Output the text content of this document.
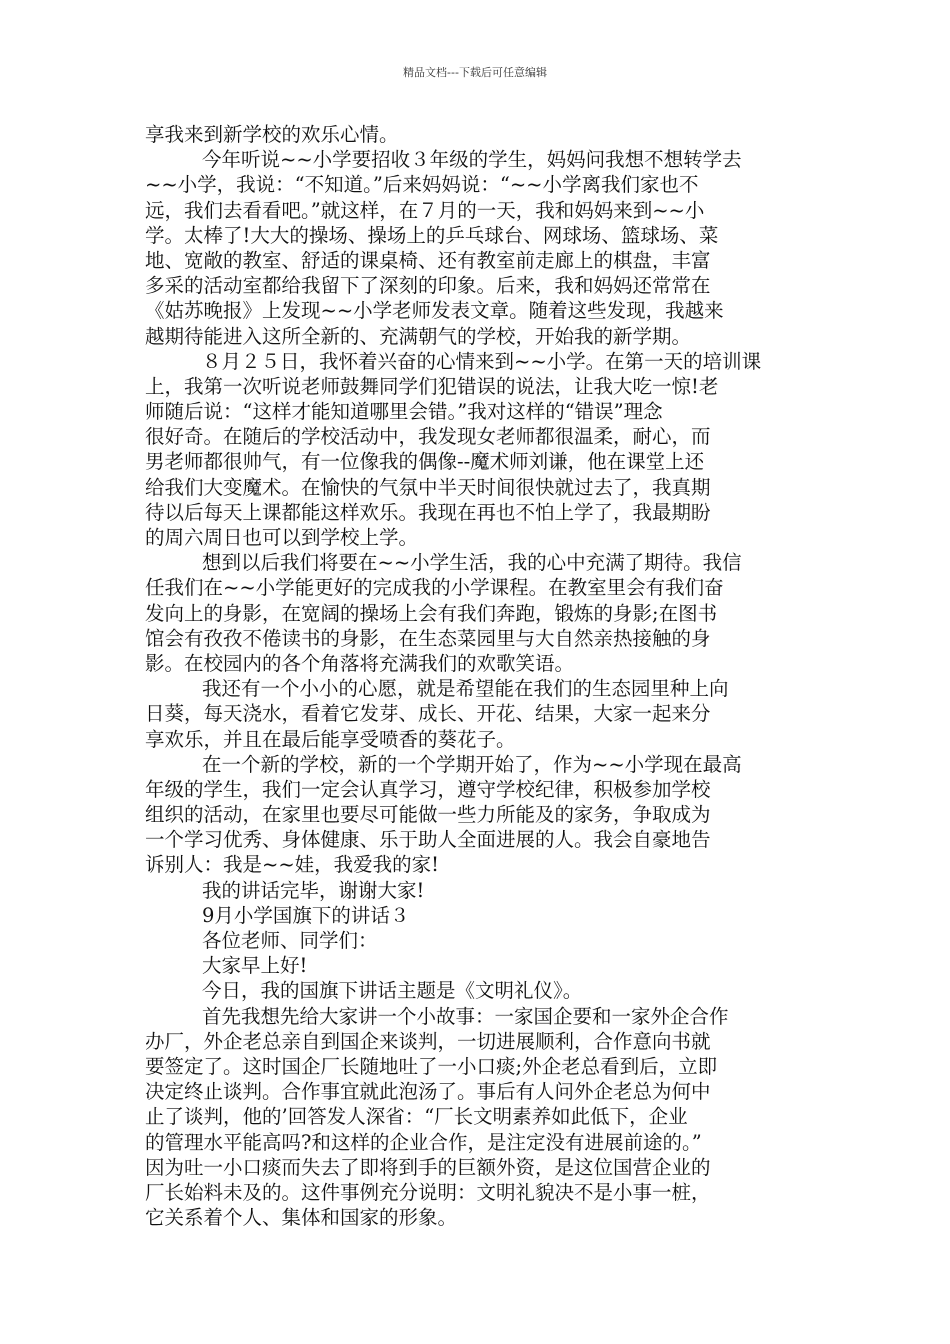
精品文档---下载后可任意编辑
享我来到新学校的欢乐心情。
今年听说~~小学要招收３年级的学生，妈妈问我想不想转学去
~~小学，我说：“不知道。”后来妈妈说：“~~小学离我们家也不
远，我们去看看吧。”就这样，在７月的一天，我和妈妈来到~~小
学。太棒了!大大的操场、操场上的乒乓球台、网球场、篮球场、菜
地、宽敞的教室、舒适的课桌椅、还有教室前走廊上的棋盘，丰富
多采的活动室都给我留下了深刻的印象。后来，我和妈妈还常常在
《姑苏晚报》上发现~~小学老师发表文章。随着这些发现，我越来
越期待能进入这所全新的、充满朝气的学校，开始我的新学期。
８月２５日，我怀着兴奋的心情来到~~小学。在第一天的培训课
上，我第一次听说老师鼓舞同学们犯错误的说法，让我大吃一惊!老
师随后说：“这样才能知道哪里会错。”我对这样的“错误”理念
很好奇。在随后的学校活动中，我发现女老师都很温柔，耐心，而
男老师都很帅气，有一位像我的偶像--魔术师刘谦，他在课堂上还
给我们大变魔术。在愉快的气氛中半天时间很快就过去了，我真期
待以后每天上课都能这样欢乐。我现在再也不怕上学了，我最期盼
的周六周日也可以到学校上学。
想到以后我们将要在~~小学生活，我的心中充满了期待。我信
任我们在~~小学能更好的完成我的小学课程。在教室里会有我们奋
发向上的身影，在宽阔的操场上会有我们奔跑，锻炼的身影;在图书
馆会有孜孜不倦读书的身影，在生态菜园里与大自然亲热接触的身
影。在校园内的各个角落将充满我们的欢歌笑语。
我还有一个小小的心愿，就是希望能在我们的生态园里种上向
日葵，每天浇水，看着它发芽、成长、开花、结果，大家一起来分
享欢乐，并且在最后能享受喷香的葵花子。
在一个新的学校，新的一个学期开始了，作为~~小学现在最高
年级的学生，我们一定会认真学习，遵守学校纪律，积极参加学校
组织的活动，在家里也要尽可能做一些力所能及的家务，争取成为
一个学习优秀、身体健康、乐于助人全面进展的人。我会自豪地告
诉别人：我是~~娃，我爱我的家!
我的讲话完毕，谢谢大家!
9月小学国旗下的讲话３
各位老师、同学们：
大家早上好!
今日，我的国旗下讲话主题是《文明礼仪》。
首先我想先给大家讲一个小故事：一家国企要和一家外企合作
办厂，外企老总亲自到国企来谈判，一切进展顺利，合作意向书就
要签定了。这时国企厂长随地吐了一小口痰;外企老总看到后，立即
决定终止谈判。合作事宜就此泡汤了。事后有人问外企老总为何中
止了谈判，他的’回答发人深省：“厂长文明素养如此低下，企业
的管理水平能高吗?和这样的企业合作，是注定没有进展前途的。”
因为吐一小口痰而失去了即将到手的巨额外资，是这位国营企业的
厂长始料未及的。这件事例充分说明：文明礼貌决不是小事一桩，
它关系着个人、集体和国家的形象。
